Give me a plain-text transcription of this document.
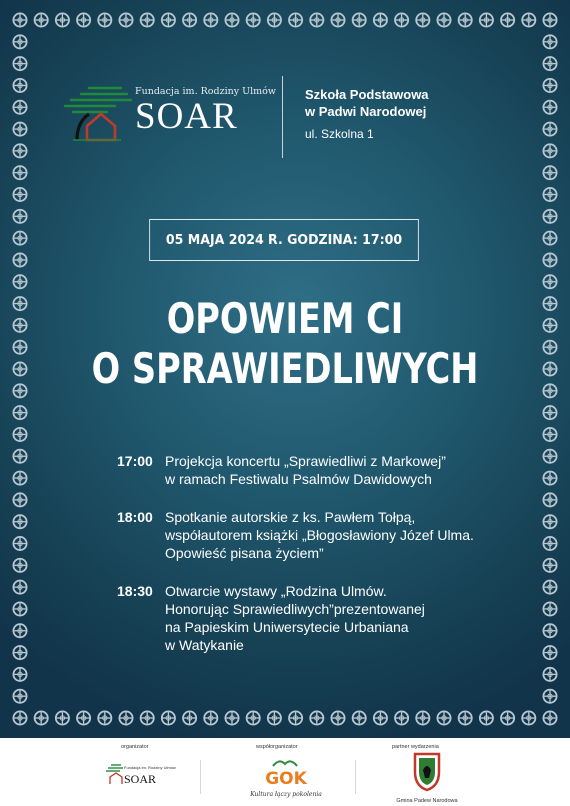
Fundacja im. Rodziny Ulmów
SOAR
Szkoła Podstawowa
w Padwi Narodowej
ul. Szkolna 1
05 MAJA 2024 R. GODZINA: 17:00
OPOWIEM CI
O SPRAWIEDLIWYCH
17:00 Projekcja koncertu „Sprawiedliwi z Markowej”
w ramach Festiwalu Psalmów Dawidowych
18:00 Spotkanie autorskie z ks. Pawłem Tołpą,
współautorem książki „Błogosławiony Józef Ulma.
Opowieść pisana życiem”
18:30 Otwarcie wystawy „Rodzina Ulmów.
Honorując Sprawiedliwych”prezentowanej
na Papieskim Uniwersytecie Urbaniana
w Watykanie
organizator	współorganizator	partner wydarzenia
Fundacja im. Rodziny Ulmów
SOAR	GOK
Kultura łączy pokolenia
Gmina Padew Narodowa
